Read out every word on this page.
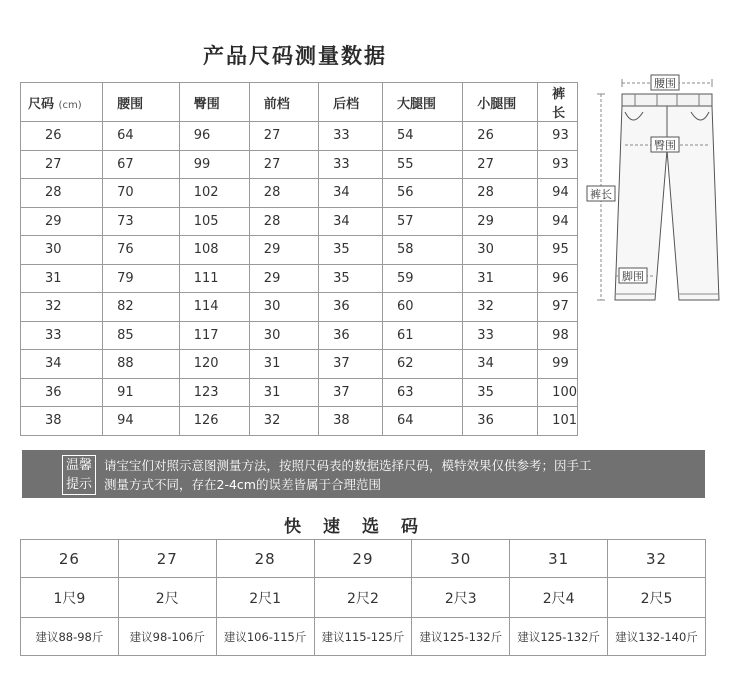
产品尺码测量数据
尺码 (cm)	腰围	臀围	前档	后档	大腿围	小腿围	裤长
26	64	96	27	33	54	26	93
27	67	99	27	33	55	27	93
28	70	102	28	34	56	28	94
29	73	105	28	34	57	29	94
30	76	108	29	35	58	30	95
31	79	111	29	35	59	31	96
32	82	114	30	36	60	32	97
33	85	117	30	36	61	33	98
34	88	120	31	37	62	34	99
36	91	123	31	37	63	35	100
38	94	126	32	38	64	36	101
腰围
臀围
裤长
脚围
温馨
提示
请宝宝们对照示意图测量方法，按照尺码表的数据选择尺码，模特效果仅供参考；因手工
测量方式不同，存在2-4cm的误差皆属于合理范围
快速选码
26	27	28	29	30	31	32
1尺9	2尺	2尺1	2尺2	2尺3	2尺4	2尺5
建议88-98斤	建议98-106斤	建议106-115斤	建议115-125斤	建议125-132斤	建议125-132斤	建议132-140斤
